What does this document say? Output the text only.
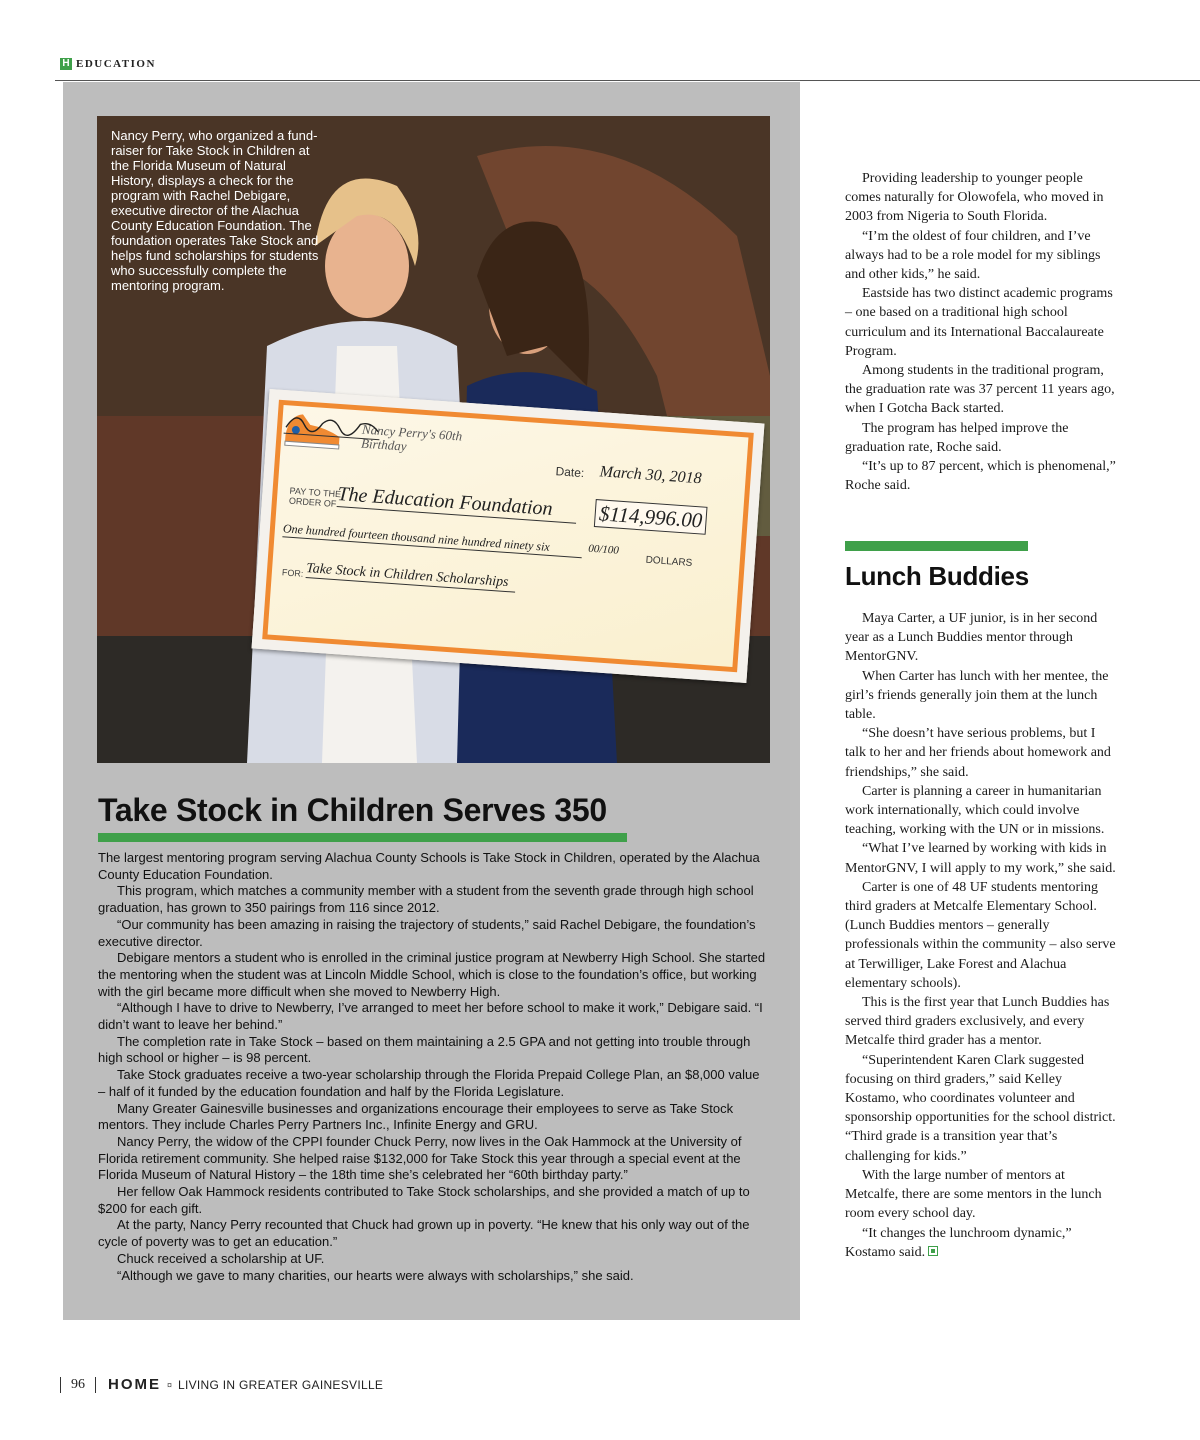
H EDUCATION

Nancy Perry, who organized a fund-raiser for Take Stock in Children at the Florida Museum of Natural History, displays a check for the program with Rachel Debigare, executive director of the Alachua County Education Foundation. The foundation operates Take Stock and helps fund scholarships for students who successfully complete the mentoring program.

Nancy Perry's 60th Birthday
Date: March 30, 2018
PAY TO THE ORDER OF The Education Foundation	$114,996.00
One hundred fourteen thousand nine hundred ninety six	00/100
DOLLARS
FOR: Take Stock in Children Scholarships
Take Stock in Children Serves 350

The largest mentoring program serving Alachua County Schools is Take Stock in Children, operated by the Alachua County Education Foundation.

This program, which matches a community member with a student from the seventh grade through high school graduation, has grown to 350 pairings from 116 since 2012.

“Our community has been amazing in raising the trajectory of students,” said Rachel Debigare, the foundation’s executive director.

Debigare mentors a student who is enrolled in the criminal justice program at Newberry High School. She started the mentoring when the student was at Lincoln Middle School, which is close to the foundation’s office, but working with the girl became more difficult when she moved to Newberry High.

“Although I have to drive to Newberry, I’ve arranged to meet her before school to make it work,” Debigare said. “I didn’t want to leave her behind.”

The completion rate in Take Stock – based on them maintaining a 2.5 GPA and not getting into trouble through high school or higher – is 98 percent.

Take Stock graduates receive a two-year scholarship through the Florida Prepaid College Plan, an $8,000 value – half of it funded by the education foundation and half by the Florida Legislature.

Many Greater Gainesville businesses and organizations encourage their employees to serve as Take Stock mentors. They include Charles Perry Partners Inc., Infinite Energy and GRU.

Nancy Perry, the widow of the CPPI founder Chuck Perry, now lives in the Oak Hammock at the University of Florida retirement community. She helped raise $132,000 for Take Stock this year through a special event at the Florida Museum of Natural History – the 18th time she’s celebrated her “60th birthday party.”

Her fellow Oak Hammock residents contributed to Take Stock scholarships, and she provided a match of up to $200 for each gift.

At the party, Nancy Perry recounted that Chuck had grown up in poverty. “He knew that his only way out of the cycle of poverty was to get an education.”

Chuck received a scholarship at UF.

“Although we gave to many charities, our hearts were always with scholarships,” she said.

Providing leadership to younger people comes naturally for Olowofela, who moved in 2003 from Nigeria to South Florida.

“I’m the oldest of four children, and I’ve always had to be a role model for my siblings and other kids,” he said.

Eastside has two distinct academic programs – one based on a traditional high school curriculum and its International Baccalaureate Program.

Among students in the traditional program, the graduation rate was 37 percent 11 years ago, when I Gotcha Back started.

The program has helped improve the graduation rate, Roche said.

“It’s up to 87 percent, which is phenomenal,” Roche said.

Lunch Buddies

Maya Carter, a UF junior, is in her second year as a Lunch Buddies mentor through MentorGNV.

When Carter has lunch with her mentee, the girl’s friends generally join them at the lunch table.

“She doesn’t have serious problems, but I talk to her and her friends about homework and friendships,” she said.

Carter is planning a career in humanitarian work internationally, which could involve teaching, working with the UN or in missions.

“What I’ve learned by working with kids in MentorGNV, I will apply to my work,” she said.

Carter is one of 48 UF students mentoring third graders at Metcalfe Elementary School. (Lunch Buddies mentors – generally professionals within the community – also serve at Terwilliger, Lake Forest and Alachua elementary schools).

This is the first year that Lunch Buddies has served third graders exclusively, and every Metcalfe third grader has a mentor.

“Superintendent Karen Clark suggested focusing on third graders,” said Kelley Kostamo, who coordinates volunteer and sponsorship opportunities for the school district. “Third grade is a transition year that’s challenging for kids.”

With the large number of mentors at Metcalfe, there are some mentors in the lunch room every school day.

“It changes the lunchroom dynamic,” Kostamo said.

96 HOME ¤ LIVING IN GREATER GAINESVILLE
